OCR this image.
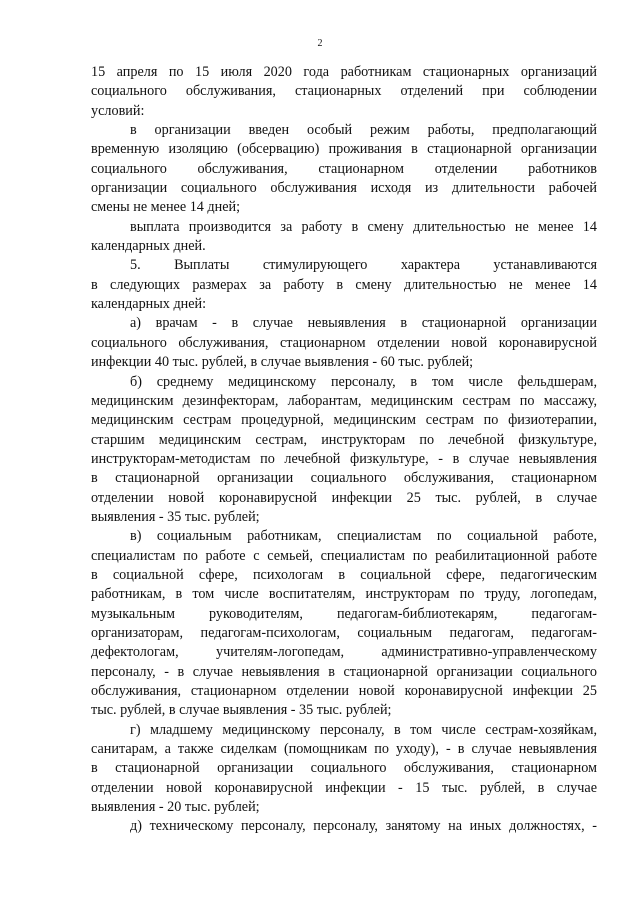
2
15 апреля по 15 июля 2020 года работникам стационарных организаций
социального обслуживания, стационарных отделений при соблюдении
условий:
в организации введен особый режим работы, предполагающий
временную изоляцию (обсервацию) проживания в стационарной организации
социального обслуживания, стационарном отделении работников
организации социального обслуживания исходя из длительности рабочей
смены не менее 14 дней;
выплата производится за работу в смену длительностью не менее 14
календарных дней.
5. Выплаты стимулирующего характера устанавливаются
в следующих размерах за работу в смену длительностью не менее 14
календарных дней:
а) врачам - в случае невыявления в стационарной организации
социального обслуживания, стационарном отделении новой коронавирусной
инфекции 40 тыс. рублей, в случае выявления - 60 тыс. рублей;
б) среднему медицинскому персоналу, в том числе фельдшерам,
медицинским дезинфекторам, лаборантам, медицинским сестрам по массажу,
медицинским сестрам процедурной, медицинским сестрам по физиотерапии,
старшим медицинским сестрам, инструкторам по лечебной физкультуре,
инструкторам-методистам по лечебной физкультуре, - в случае невыявления
в стационарной организации социального обслуживания, стационарном
отделении новой коронавирусной инфекции 25 тыс. рублей, в случае
выявления - 35 тыс. рублей;
в) социальным работникам, специалистам по социальной работе,
специалистам по работе с семьей, специалистам по реабилитационной работе
в социальной сфере, психологам в социальной сфере, педагогическим
работникам, в том числе воспитателям, инструкторам по труду, логопедам,
музыкальным руководителям, педагогам-библиотекарям, педагогам-
организаторам, педагогам-психологам, социальным педагогам, педагогам-
дефектологам, учителям-логопедам, административно-управленческому
персоналу, - в случае невыявления в стационарной организации социального
обслуживания, стационарном отделении новой коронавирусной инфекции 25
тыс. рублей, в случае выявления - 35 тыс. рублей;
г) младшему медицинскому персоналу, в том числе сестрам-хозяйкам,
санитарам, а также сиделкам (помощникам по уходу), - в случае невыявления
в стационарной организации социального обслуживания, стационарном
отделении новой коронавирусной инфекции - 15 тыс. рублей, в случае
выявления - 20 тыс. рублей;
д) техническому персоналу, персоналу, занятому на иных должностях, -
